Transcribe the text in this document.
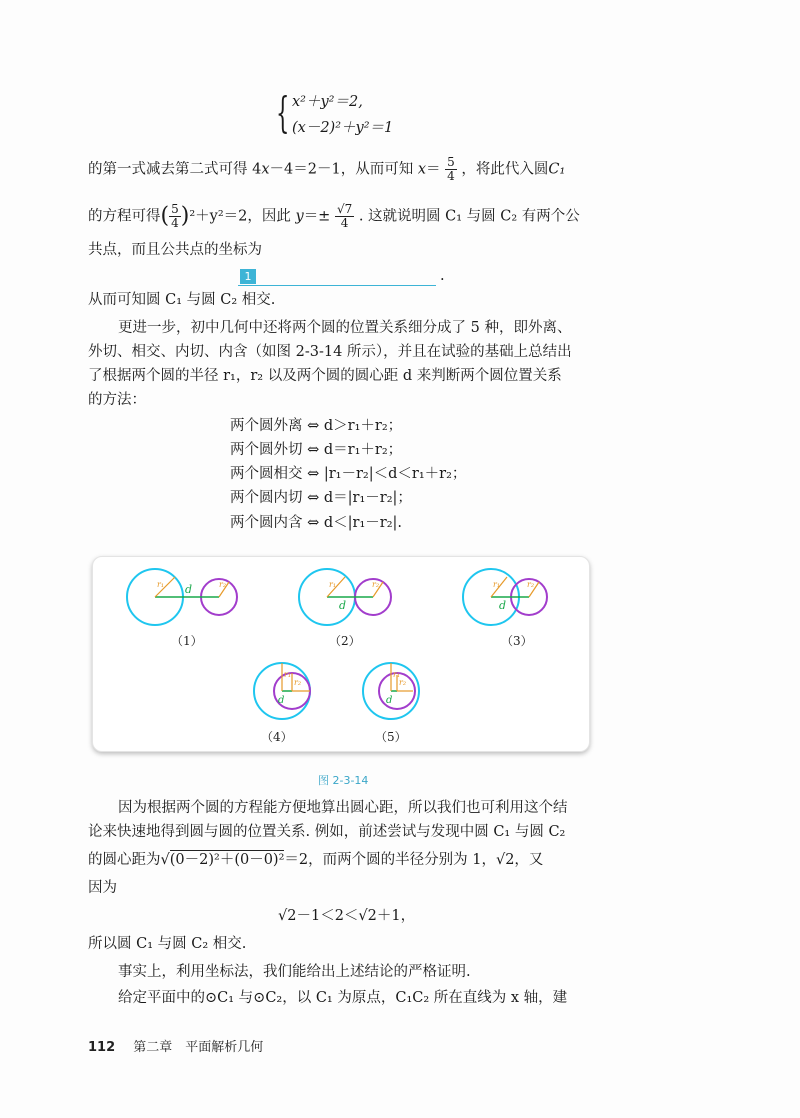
{ x²＋y²＝2,
(x－2)²＋y²＝1
的第一式减去第二式可得 4x－4＝2－1，从而可知 $x= \frac{5}{4}$ ，将此代入圆C₁
的方程可得( $\frac{5}{4} )^2+y^2=2$，因此 $y=\pm \frac{√7}{4}$ . 这就说明圆 C₁ 与圆 C₂ 有两个公
共点，而且公共点的坐标为
1	.
从而可知圆 C₁ 与圆 C₂ 相交.
更进一步，初中几何中还将两个圆的位置关系细分成了 5 种，即外离、
外切、相交、内切、内含（如图 2-3-14 所示），并且在试验的基础上总结出
了根据两个圆的半径 r₁，r₂ 以及两个圆的圆心距 d 来判断两个圆位置关系
的方法：
两个圆外离 ⇔ d＞r₁＋r₂；
两个圆外切 ⇔ d＝r₁＋r₂；
两个圆相交 ⇔ |r₁－r₂|＜d＜r₁＋r₂；
两个圆内切 ⇔ d＝|r₁－r₂|；
两个圆内含 ⇔ d＜|r₁－r₂|.
r₁	r₂
d
（1）
r₁	r₂
d
（2）
r₁	r₂
d
（3）
r₁
r₂
d
（4）
r₁
r₂
d
（5）
图 2-3-14
因为根据两个圆的方程能方便地算出圆心距，所以我们也可利用这个结
论来快速地得到圆与圆的位置关系. 例如，前述尝试与发现中圆 C₁ 与圆 C₂
的圆心距为√(0－2)²＋(0－0)²＝2，而两个圆的半径分别为 1，√2，又
因为
√2－1＜2＜√2＋1，
所以圆 C₁ 与圆 C₂ 相交.
事实上，利用坐标法，我们能给出上述结论的严格证明.
给定平面中的⊙C₁ 与⊙C₂，以 C₁ 为原点，C₁C₂ 所在直线为 x 轴，建
112 第二章　平面解析几何
